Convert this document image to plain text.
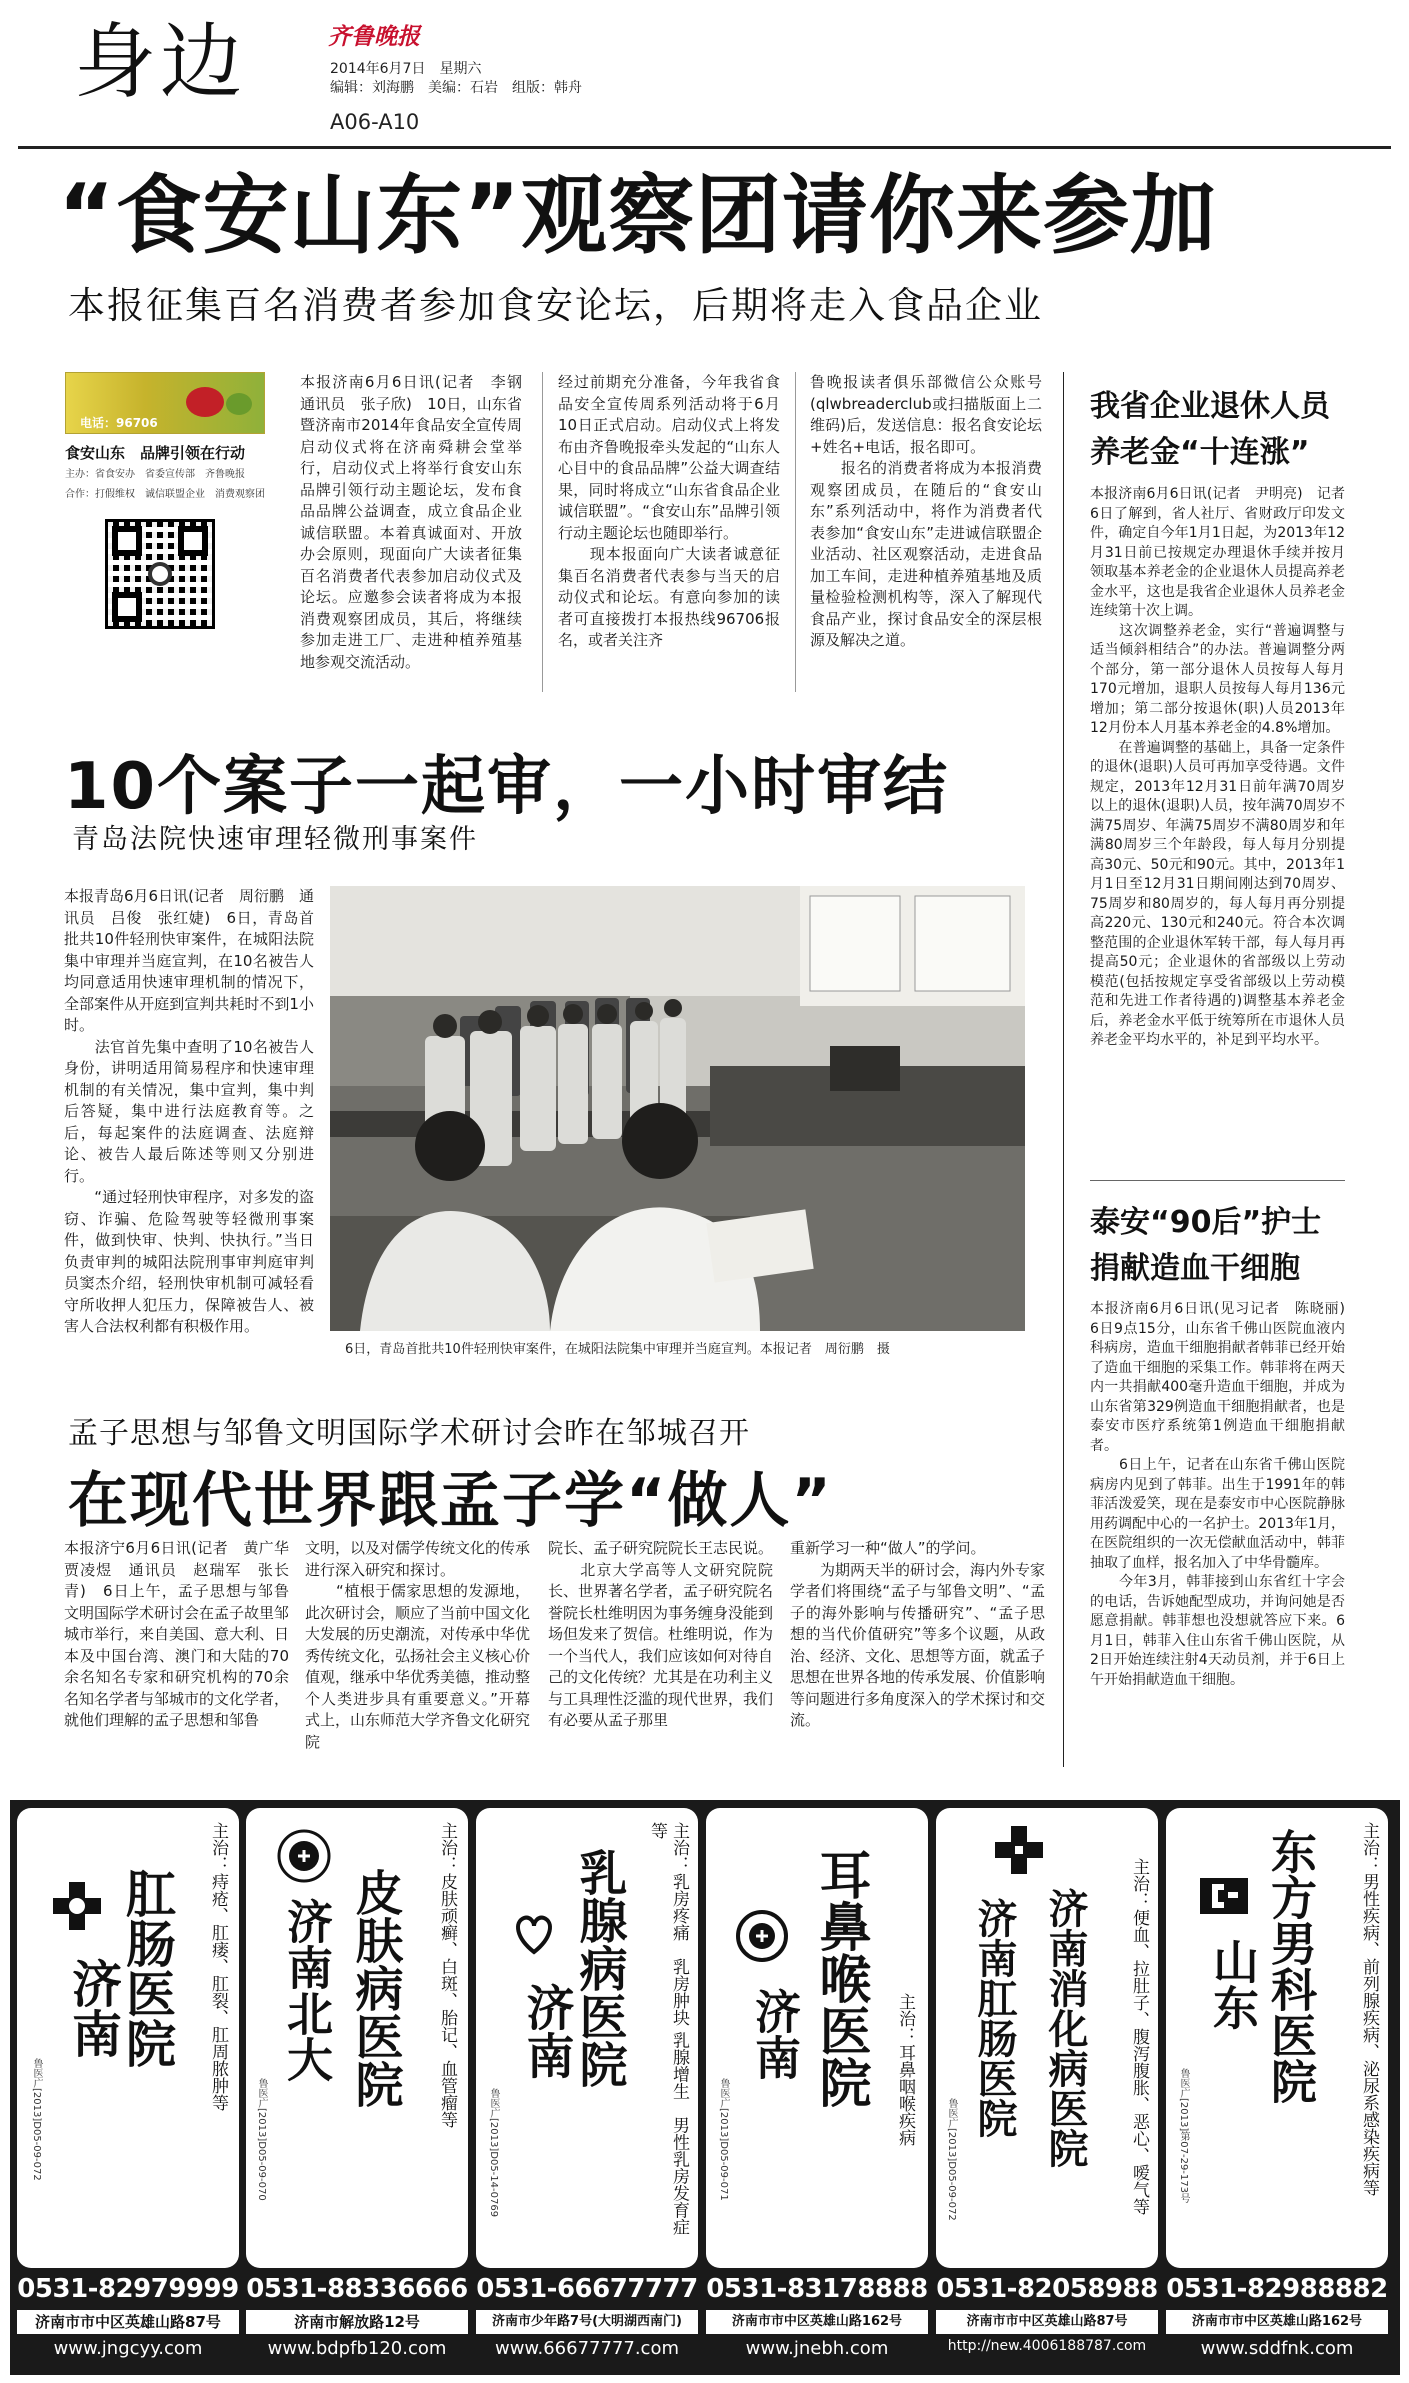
身边	齐鲁晚报
2014年6月7日　星期六
编辑：刘海鹏　美编：石岩　组版：韩舟
A06-A10
“食安山东”观察团请你来参加
本报征集百名消费者参加食安论坛，后期将走入食品企业
电话：96706
食安山东　品牌引领在行动
主办：省食安办　省委宣传部　齐鲁晚报
合作：打假维权　诚信联盟企业　消费观察团
本报济南6月6日讯(记者　李钢　通讯员　张子欣)　10日，山东省暨济南市2014年食品安全宣传周启动仪式将在济南舜耕会堂举行，启动仪式上将举行食安山东品牌引领行动主题论坛，发布食品品牌公益调查，成立食品企业诚信联盟。本着真诚面对、开放办会原则，现面向广大读者征集百名消费者代表参加启动仪式及论坛。应邀参会读者将成为本报消费观察团成员，其后，将继续参加走进工厂、走进种植养殖基地参观交流活动。
经过前期充分准备，今年我省食品安全宣传周系列活动将于6月10日正式启动。启动仪式上将发布由齐鲁晚报牵头发起的“山东人心目中的食品品牌”公益大调查结果，同时将成立“山东省食品企业诚信联盟”。“食安山东”品牌引领行动主题论坛也随即举行。
　　现本报面向广大读者诚意征集百名消费者代表参与当天的启动仪式和论坛。有意向参加的读者可直接拨打本报热线96706报名，或者关注齐
鲁晚报读者俱乐部微信公众账号(qlwbreaderclub或扫描版面上二维码)后，发送信息：报名食安论坛+姓名+电话，报名即可。
　　报名的消费者将成为本报消费观察团成员，在随后的“食安山东”系列活动中，将作为消费者代表参加“食安山东”走进诚信联盟企业活动、社区观察活动，走进食品加工车间，走进种植养殖基地及质量检验检测机构等，深入了解现代食品产业，探讨食品安全的深层根源及解决之道。
我省企业退休人员养老金“十连涨”
本报济南6月6日讯(记者　尹明亮)　记者6日了解到，省人社厅、省财政厅印发文件，确定自今年1月1日起，为2013年12月31日前已按规定办理退休手续并按月领取基本养老金的企业退休人员提高养老金水平，这也是我省企业退休人员养老金连续第十次上调。
　　这次调整养老金，实行“普遍调整与适当倾斜相结合”的办法。普遍调整分两个部分，第一部分退休人员按每人每月170元增加，退职人员按每人每月136元增加；第二部分按退休(职)人员2013年12月份本人月基本养老金的4.8%增加。
　　在普遍调整的基础上，具备一定条件的退休(退职)人员可再加享受待遇。文件规定，2013年12月31日前年满70周岁以上的退休(退职)人员，按年满70周岁不满75周岁、年满75周岁不满80周岁和年满80周岁三个年龄段，每人每月分别提高30元、50元和90元。其中，2013年1月1日至12月31日期间刚达到70周岁、75周岁和80周岁的，每人每月再分别提高220元、130元和240元。符合本次调整范围的企业退休军转干部，每人每月再提高50元；企业退休的省部级以上劳动模范(包括按规定享受省部级以上劳动模范和先进工作者待遇的)调整基本养老金后，养老金水平低于统筹所在市退休人员养老金平均水平的，补足到平均水平。
泰安“90后”护士捐献造血干细胞
本报济南6月6日讯(见习记者　陈晓丽)　6日9点15分，山东省千佛山医院血液内科病房，造血干细胞捐献者韩菲已经开始了造血干细胞的采集工作。韩菲将在两天内一共捐献400毫升造血干细胞，并成为山东省第329例造血干细胞捐献者，也是泰安市医疗系统第1例造血干细胞捐献者。
　　6日上午，记者在山东省千佛山医院病房内见到了韩菲。出生于1991年的韩菲活泼爱笑，现在是泰安市中心医院静脉用药调配中心的一名护士。2013年1月，在医院组织的一次无偿献血活动中，韩菲抽取了血样，报名加入了中华骨髓库。
　　今年3月，韩菲接到山东省红十字会的电话，告诉她配型成功，并询问她是否愿意捐献。韩菲想也没想就答应下来。6月1日，韩菲入住山东省千佛山医院，从2日开始连续注射4天动员剂，并于6日上午开始捐献造血干细胞。
10个案子一起审，一小时审结
青岛法院快速审理轻微刑事案件
本报青岛6月6日讯(记者　周衍鹏　通讯员　吕俊　张红婕)　6日，青岛首批共10件轻刑快审案件，在城阳法院集中审理并当庭宣判，在10名被告人均同意适用快速审理机制的情况下，全部案件从开庭到宣判共耗时不到1小时。
　　法官首先集中查明了10名被告人身份，讲明适用简易程序和快速审理机制的有关情况，集中宣判，集中判后答疑，集中进行法庭教育等。之后，每起案件的法庭调查、法庭辩论、被告人最后陈述等则又分别进行。
　　“通过轻刑快审程序，对多发的盗窃、诈骗、危险驾驶等轻微刑事案件，做到快审、快判、快执行。”当日负责审判的城阳法院刑事审判庭审判员窦杰介绍，轻刑快审机制可减轻看守所收押人犯压力，保障被告人、被害人合法权利都有积极作用。
6日，青岛首批共10件轻刑快审案件，在城阳法院集中审理并当庭宣判。本报记者　周衍鹏　摄
孟子思想与邹鲁文明国际学术研讨会昨在邹城召开
在现代世界跟孟子学“做人”
本报济宁6月6日讯(记者　黄广华　贾凌煜　通讯员　赵瑞军　张长青)　6日上午，孟子思想与邹鲁文明国际学术研讨会在孟子故里邹城市举行，来自美国、意大利、日本及中国台湾、澳门和大陆的70余名知名专家和研究机构的70余名知名学者与邹城市的文化学者，就他们理解的孟子思想和邹鲁
文明，以及对儒学传统文化的传承进行深入研究和探讨。
　　“植根于儒家思想的发源地，此次研讨会，顺应了当前中国文化大发展的历史潮流，对传承中华优秀传统文化，弘扬社会主义核心价值观，继承中华优秀美德，推动整个人类进步具有重要意义。”开幕式上，山东师范大学齐鲁文化研究院
院长、孟子研究院院长王志民说。
　　北京大学高等人文研究院院长、世界著名学者，孟子研究院名誉院长杜维明因为事务缠身没能到场但发来了贺信。杜维明说，作为一个当代人，我们应该如何对待自己的文化传统？尤其是在功利主义与工具理性泛滥的现代世界，我们有必要从孟子那里
重新学习一种“做人”的学问。
　　为期两天半的研讨会，海内外专家学者们将围绕“孟子与邹鲁文明”、“孟子的海外影响与传播研究”、“孟子思想的当代价值研究”等多个议题，从政治、经济、文化、思想等方面，就孟子思想在世界各地的传承发展、价值影响等问题进行多角度深入的学术探讨和交流。
主治：痔疮、肛瘘、肛裂、肛周脓肿等
肛肠医院
济南
鲁医广[2013]D05-09-072
0531-82979999
济南市市中区英雄山路87号
www.jngcyy.com
主治：皮肤顽癣、白斑、胎记、血管瘤等
皮肤病医院
济南北大
鲁医广[2013]D05-09-070
0531-88336666
济南市解放路12号
www.bdpfb120.com
主治：乳房疼痛　乳房肿块 乳腺增生　男性乳房发育症等
乳腺病医院
济南
鲁医广[2013]D05-14-0769
0531-66677777
济南市少年路7号(大明湖西南门)
www.66677777.com
主治：耳鼻咽喉疾病
耳鼻喉医院
济南
鲁医广[2013]D05-09-071
0531-83178888
济南市市中区英雄山路162号
www.jnebh.com
主治：便血、拉肚子、腹泻腹胀、恶心、嗳气等
济南消化病医院
济南肛肠医院
鲁医广[2013]D05-09-072
0531-82058988
济南市市中区英雄山路87号
http://new.4006188787.com
主治：男性疾病、前列腺疾病、泌尿系感染疾病等
东方男科医院
山东
鲁医广[2013]第07-29-173号
0531-82988882
济南市市中区英雄山路162号
www.sddfnk.com
